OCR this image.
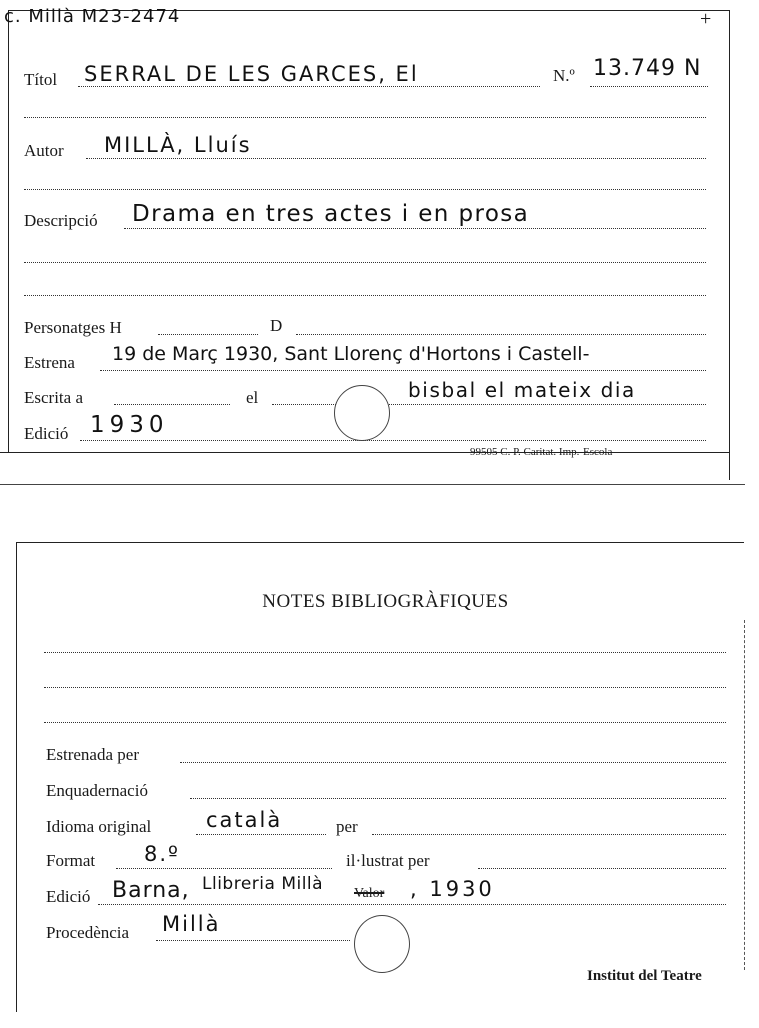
c. Millà M23-2474	+
Títol SERRAL DE LES GARCES, El	N.º 13.749 N
Autor MILLÀ, Lluís
Descripció Drama en tres actes i en prosa
Personatges H	D
Estrena 19 de Març 1930, Sant Llorenç d'Hortons i Castell-
Escrita a	el	bisbal el mateix dia
Edició 1930
99505 C. P. Caritat. Imp.-Escola
NOTES BIBLIOGRÀFIQUES
Estrenada per
Enquadernació
Idioma original	català	per
Format 8.º	il·lustrat per
Edició Barna, Llibreria Millà Valor , 1930
Procedència Millà
Institut del Teatre
